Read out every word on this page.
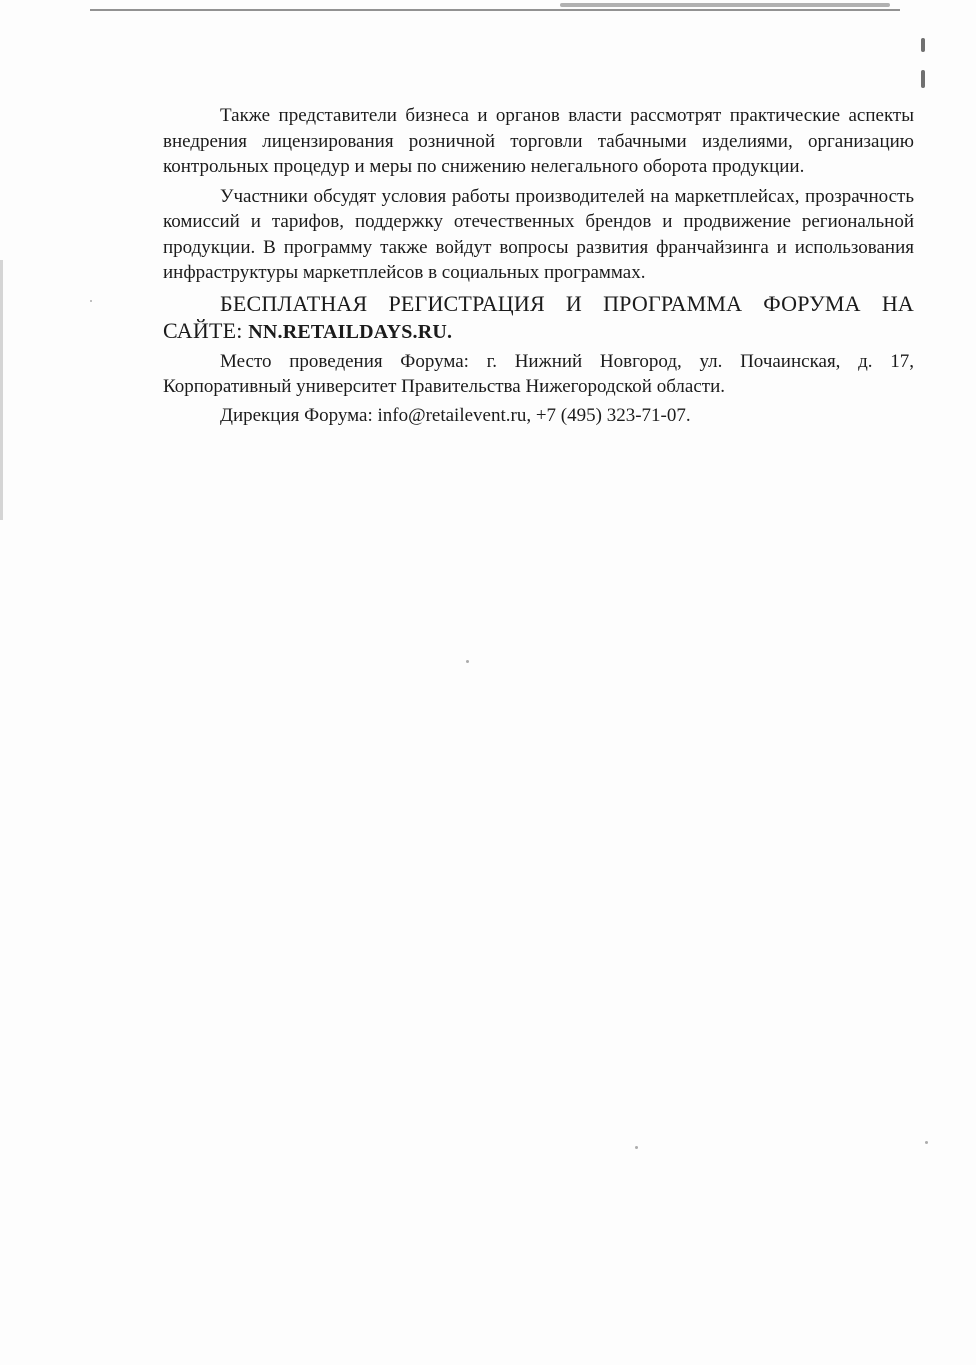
Также представители бизнеса и органов власти рассмотрят практические аспекты внедрения лицензирования розничной торговли табачными изделиями, организацию контрольных процедур и меры по снижению нелегального оборота продукции.

Участники обсудят условия работы производителей на маркетплейсах, прозрачность комиссий и тарифов, поддержку отечественных брендов и продвижение региональной продукции. В программу также войдут вопросы развития франчайзинга и использования инфраструктуры маркетплейсов в социальных программах.

БЕСПЛАТНАЯ РЕГИСТРАЦИЯ И ПРОГРАММА ФОРУМА НА САЙТЕ: NN.RETAILDAYS.RU.

Место проведения Форума: г. Нижний Новгород, ул. Почаинская, д. 17, Корпоративный университет Правительства Нижегородской области.

Дирекция Форума: info@retailevent.ru, +7 (495) 323-71-07.
